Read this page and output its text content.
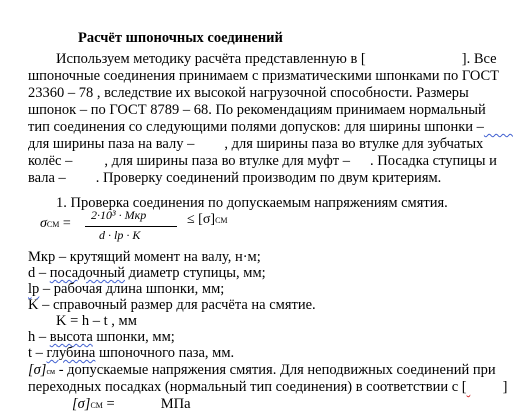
Расчёт шпоночных соединений
Используем методику расчёта представленную в [	]. Все
шпоночные соединения принимаем с призматическими шпонками по ГОСТ
23360 – 78 , вследствие их высокой нагрузочной способности. Размеры
шпонок – по ГОСТ 8789 – 68. По рекомендациям принимаем нормальный
тип соединения со следующими полями допусков: для ширины шпонки –____
для ширины паза на валу – , для ширины паза во втулке для зубчатых
колёс – , для ширины паза во втулке для муфт – . Посадка ступицы и
вала – . Проверку соединений производим по двум критериям.
1. Проверка соединения по допускаемым напряжениям смятия.
σСМ =
2·10³ · Mкр
d · lр · K
≤ [σ]СМ
Mкр – крутящий момент на валу, н·м;
d – посадочный диаметр ступицы, мм;
lр – рабочая длина шпонки, мм;
K – справочный размер для расчёта на смятие.
K = h – t , мм
h – высота шпонки, мм;
t – глубина шпоночного паза, мм.
[σ]см - допускаемые напряжения смятия. Для неподвижных соединений при
переходных посадках (нормальный тип соединения) в соответствии с [ ]
[σ]СМ =	МПа
